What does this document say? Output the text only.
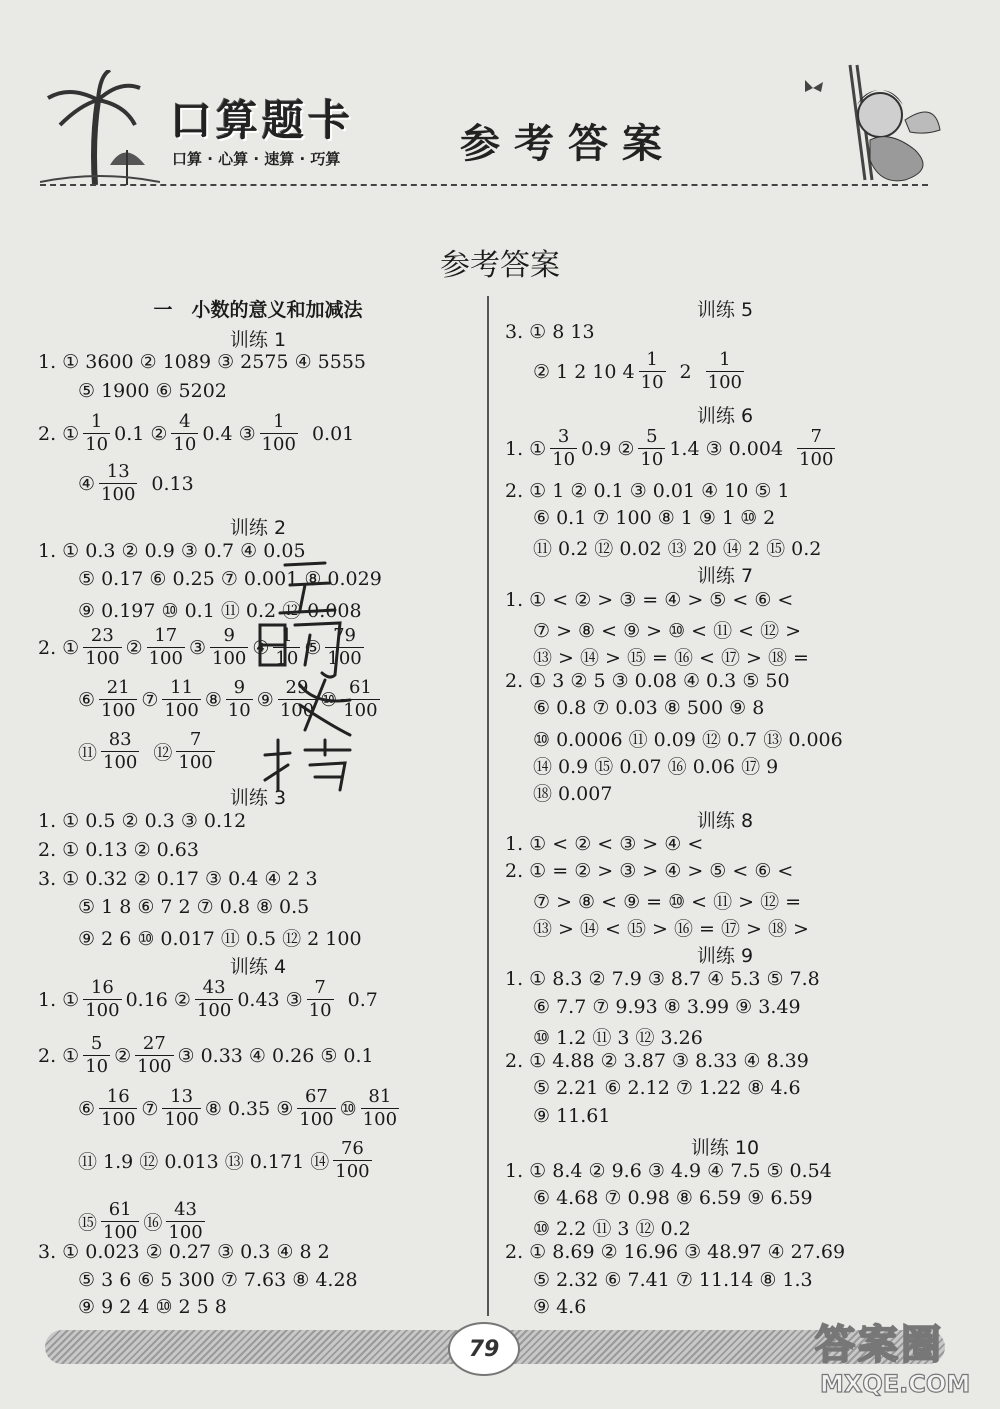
口算题卡
口算 · 心算 · 速算 · 巧算	参考答案
参考答案
一　小数的意义和加减法
训练 1
1. ① 3600 ② 1089 ③ 2575 ④ 5555
⑤ 1900 ⑥ 5202
2. ① $\frac{1}{10} 0.1$ ② $\frac{4}{10} 0.4$ ③ $\frac{1}{100} 0.01$
④ $\frac{13}{100} 0.13$
训练 2
1. ① 0.3 ② 0.9 ③ 0.7 ④ 0.05
⑤ 0.17 ⑥ 0.25 ⑦ 0.001 ⑧ 0.029
⑨ 0.197 ⑩ 0.1 ⑪ 0.2 ⑫ 0.008
2. ① $\frac{23}{100}$ ② $\frac{17}{100}$ ③ $\frac{9}{100}$ ④ $\frac{1}{10}$ ⑤ $\frac{79}{100}$
⑥ $\frac{21}{100}$ ⑦ $\frac{11}{100}$ ⑧ $\frac{9}{10}$ ⑨ $\frac{29}{100}$ ⑩ $\frac{61}{100}$
⑪ $\frac{83}{100}$ ⑫ $\frac{7}{100}$
训练 3
1. ① 0.5 ② 0.3 ③ 0.12
2. ① 0.13 ② 0.63
3. ① 0.32 ② 0.17 ③ 0.4 ④ 2 3
⑤ 1 8 ⑥ 7 2 ⑦ 0.8 ⑧ 0.5
⑨ 2 6 ⑩ 0.017 ⑪ 0.5 ⑫ 2 100
训练 4
1. ① $\frac{16}{100} 0.16$ ② $\frac{43}{100} 0.43$ ③ $\frac{7}{10} 0.7$
2. ① $\frac{5}{10}$ ② $\frac{27}{100}$ ③ 0.33 ④ 0.26 ⑤ 0.1
⑥ $\frac{16}{100}$ ⑦ $\frac{13}{100}$ ⑧ 0.35 ⑨ $\frac{67}{100}$ ⑩ $\frac{81}{100}$
⑪ 1.9 ⑫ 0.013 ⑬ 0.171 ⑭ $\frac{76}{100}$
⑮ $\frac{61}{100}$ ⑯ $\frac{43}{100}$
3. ① 0.023 ② 0.27 ③ 0.3 ④ 8 2
⑤ 3 6 ⑥ 5 300 ⑦ 7.63 ⑧ 4.28
⑨ 9 2 4 ⑩ 2 5 8
训练 5
3. ① 8 13
② 1 2 10 $4 \frac{1}{10} 2 \frac{1}{100}$
训练 6
1. ① $\frac{3}{10} 0.9$ ② $\frac{5}{10} 1.4$ ③ $0.004 \frac{7}{100}$
2. ① 1 ② 0.1 ③ 0.01 ④ 10 ⑤ 1
⑥ 0.1 ⑦ 100 ⑧ 1 ⑨ 1 ⑩ 2
⑪ 0.2 ⑫ 0.02 ⑬ 20 ⑭ 2 ⑮ 0.2
训练 7
1. ① < ② > ③ = ④ > ⑤ < ⑥ <
⑦ > ⑧ < ⑨ > ⑩ < ⑪ < ⑫ >
⑬ > ⑭ > ⑮ = ⑯ < ⑰ > ⑱ =
2. ① 3 ② 5 ③ 0.08 ④ 0.3 ⑤ 50
⑥ 0.8 ⑦ 0.03 ⑧ 500 ⑨ 8
⑩ 0.0006 ⑪ 0.09 ⑫ 0.7 ⑬ 0.006
⑭ 0.9 ⑮ 0.07 ⑯ 0.06 ⑰ 9
⑱ 0.007
训练 8
1. ① < ② < ③ > ④ <
2. ① = ② > ③ > ④ > ⑤ < ⑥ <
⑦ > ⑧ < ⑨ = ⑩ < ⑪ > ⑫ =
⑬ > ⑭ < ⑮ > ⑯ = ⑰ > ⑱ >
训练 9
1. ① 8.3 ② 7.9 ③ 8.7 ④ 5.3 ⑤ 7.8
⑥ 7.7 ⑦ 9.93 ⑧ 3.99 ⑨ 3.49
⑩ 1.2 ⑪ 3 ⑫ 3.26
2. ① 4.88 ② 3.87 ③ 8.33 ④ 8.39
⑤ 2.21 ⑥ 2.12 ⑦ 1.22 ⑧ 4.6
⑨ 11.61
训练 10
1. ① 8.4 ② 9.6 ③ 4.9 ④ 7.5 ⑤ 0.54
⑥ 4.68 ⑦ 0.98 ⑧ 6.59 ⑨ 6.59
⑩ 2.2 ⑪ 3 ⑫ 0.2
2. ① 8.69 ② 16.96 ③ 48.97 ④ 27.69
⑤ 2.32 ⑥ 7.41 ⑦ 11.14 ⑧ 1.3
⑨ 4.6
79	答案圈
MXQE.COM
